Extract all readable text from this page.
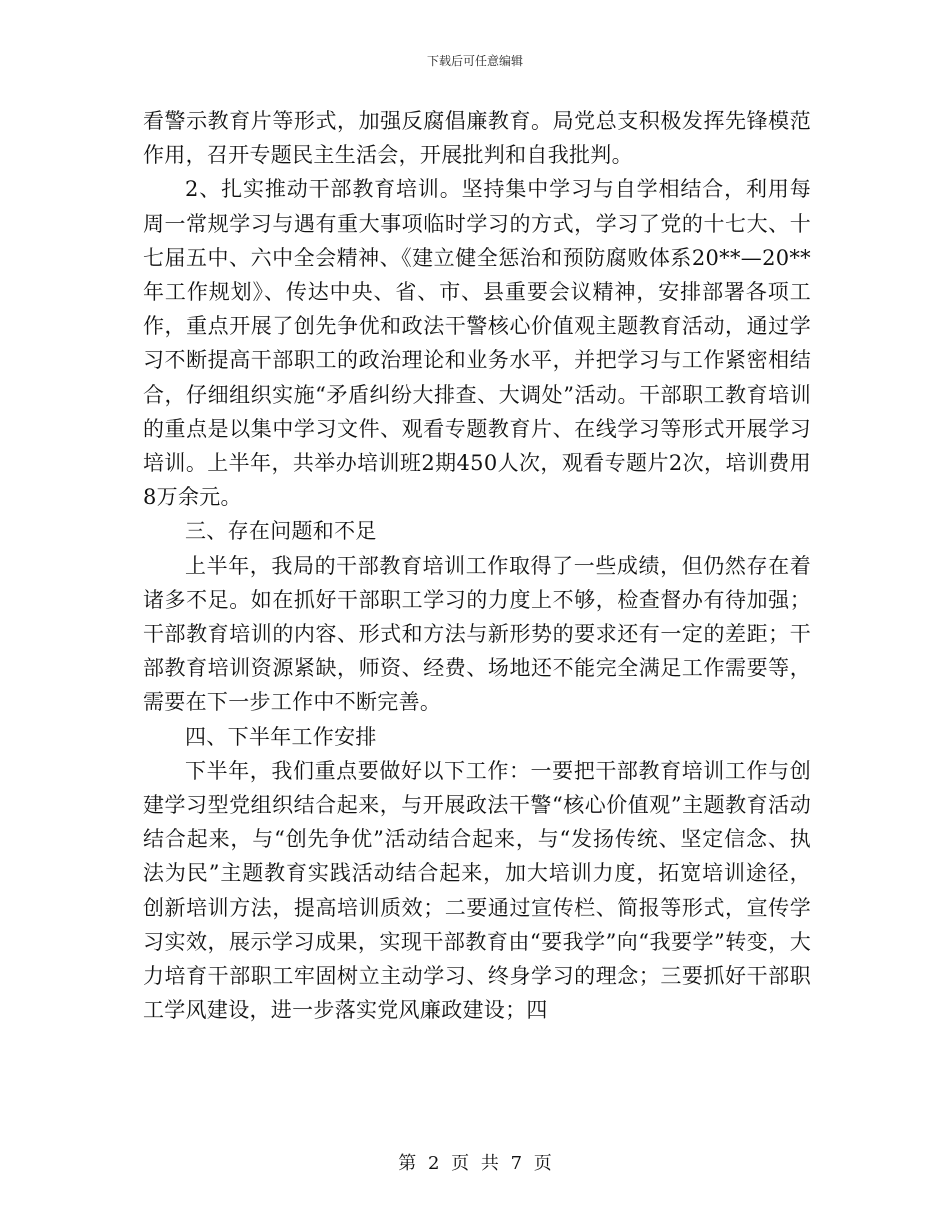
下载后可任意编辑

看警示教育片等形式，加强反腐倡廉教育。局党总支积极发挥先锋模范作用，召开专题民主生活会，开展批判和自我批判。

2、扎实推动干部教育培训。坚持集中学习与自学相结合，利用每周一常规学习与遇有重大事项临时学习的方式，学习了党的十七大、十七届五中、六中全会精神、《建立健全惩治和预防腐败体系20**—20**年工作规划》、传达中央、省、市、县重要会议精神，安排部署各项工作，重点开展了创先争优和政法干警核心价值观主题教育活动，通过学习不断提高干部职工的政治理论和业务水平，并把学习与工作紧密相结合，仔细组织实施“矛盾纠纷大排查、大调处”活动。干部职工教育培训的重点是以集中学习文件、观看专题教育片、在线学习等形式开展学习培训。上半年，共举办培训班2期450人次，观看专题片2次，培训费用8万余元。

三、存在问题和不足

上半年，我局的干部教育培训工作取得了一些成绩，但仍然存在着诸多不足。如在抓好干部职工学习的力度上不够，检查督办有待加强；干部教育培训的内容、形式和方法与新形势的要求还有一定的差距；干部教育培训资源紧缺，师资、经费、场地还不能完全满足工作需要等，需要在下一步工作中不断完善。

四、下半年工作安排

下半年，我们重点要做好以下工作：一要把干部教育培训工作与创建学习型党组织结合起来，与开展政法干警“核心价值观”主题教育活动结合起来，与“创先争优”活动结合起来，与“发扬传统、坚定信念、执法为民”主题教育实践活动结合起来，加大培训力度，拓宽培训途径，创新培训方法，提高培训质效；二要通过宣传栏、简报等形式，宣传学习实效，展示学习成果，实现干部教育由“要我学”向“我要学”转变，大力培育干部职工牢固树立主动学习、终身学习的理念；三要抓好干部职工学风建设，进一步落实党风廉政建设；四

第 2 页 共 7 页
